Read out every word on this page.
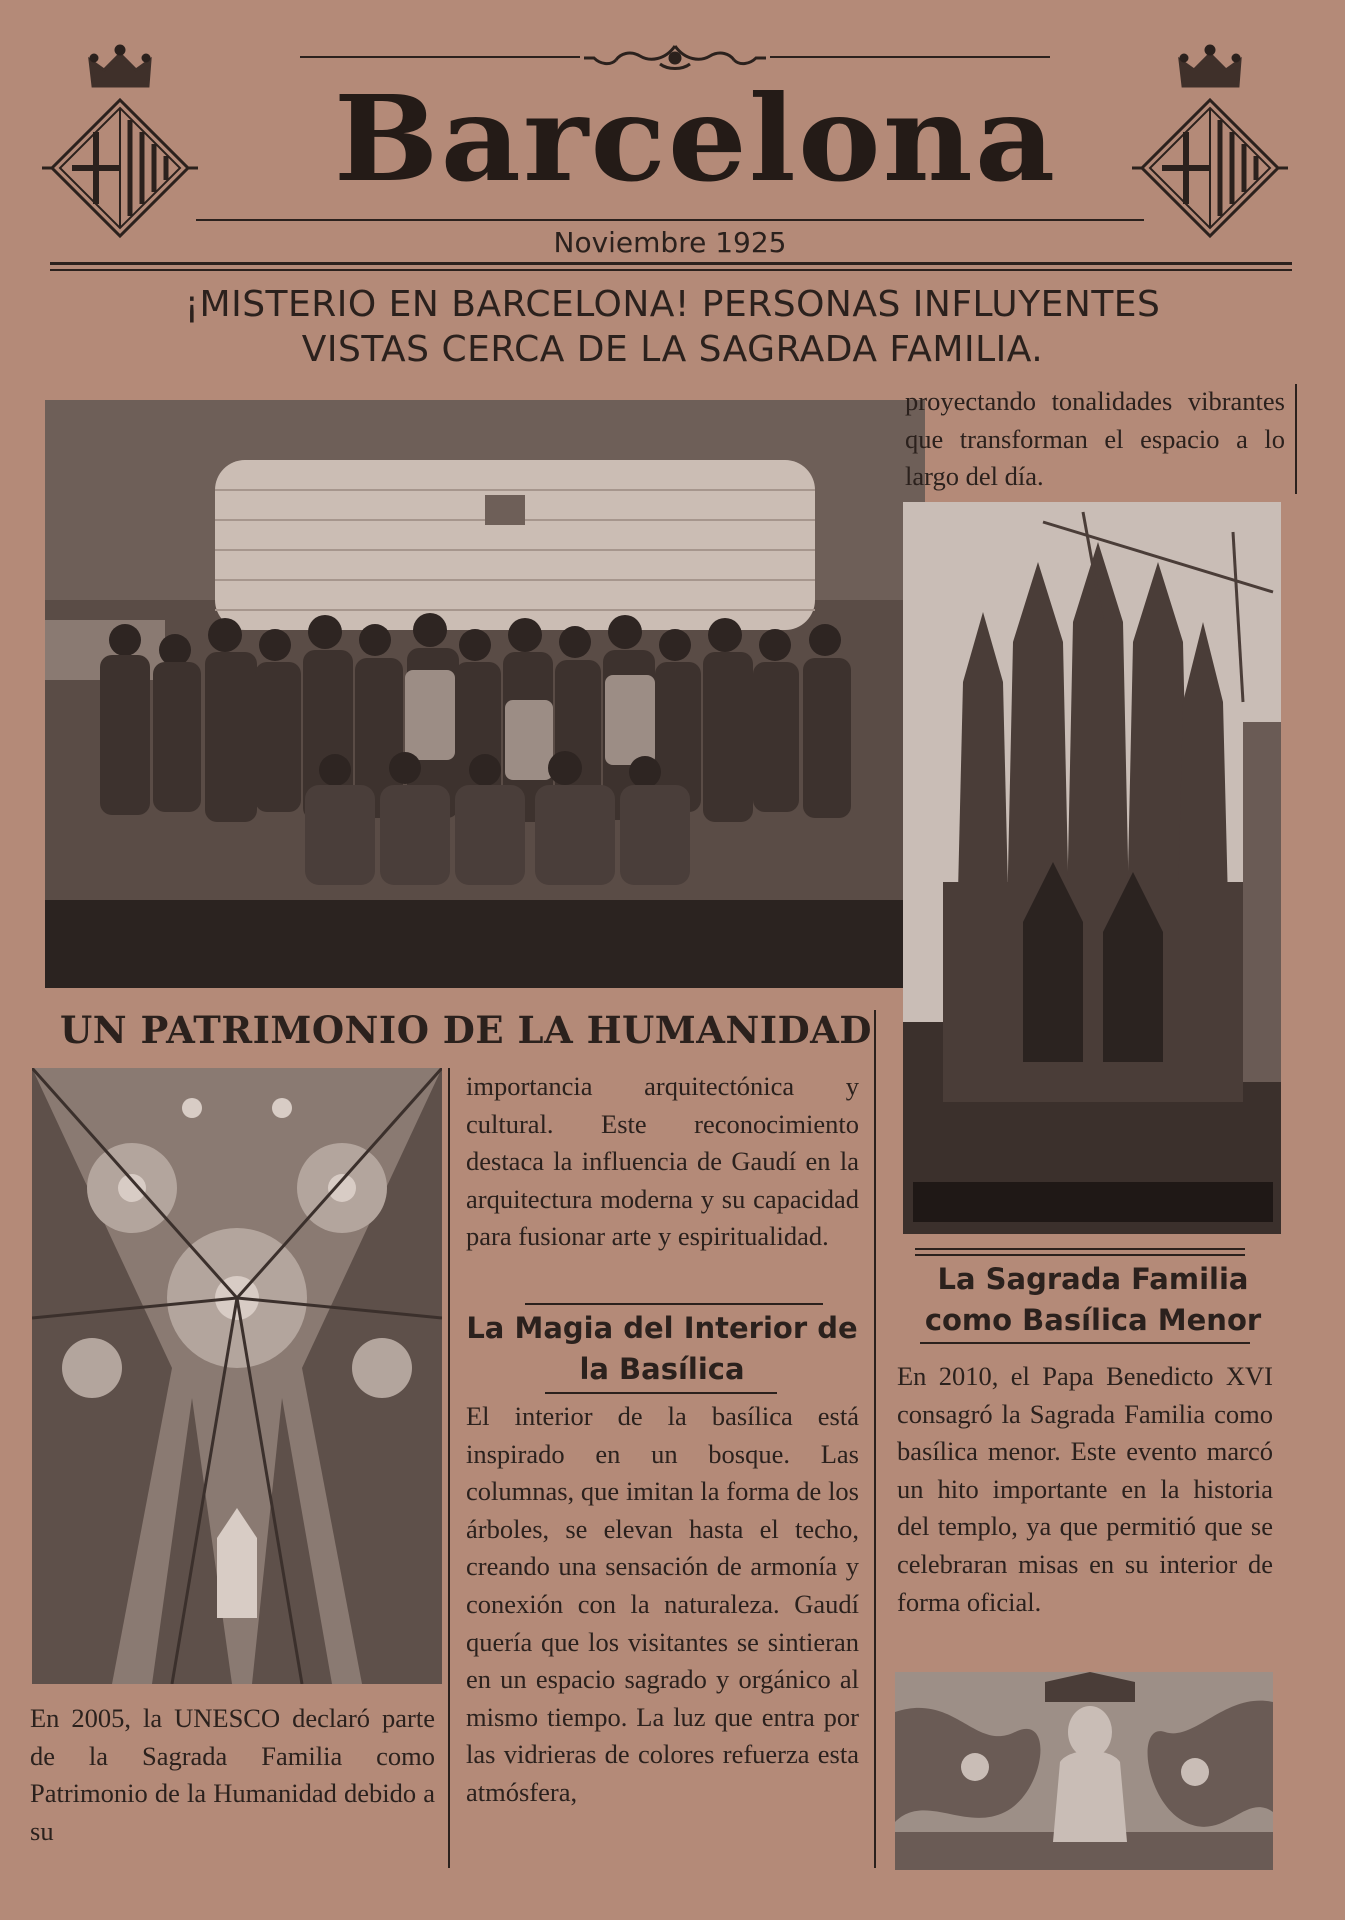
Barcelona
Noviembre 1925
¡MISTERIO EN BARCELONA! PERSONAS INFLUYENTES
VISTAS CERCA DE LA SAGRADA FAMILIA.
proyectando tonalidades vibrantes que transforman el espacio a lo largo del día.
UN PATRIMONIO DE LA HUMANIDAD
En 2005, la UNESCO declaró parte de la Sagrada Familia como Patrimonio de la Humanidad debido a su
importancia arquitectónica y cultural. Este reconocimiento destaca la influencia de Gaudí en la arquitectura moderna y su capacidad para fusionar arte y espiritualidad.
La Magia del Interior de la Basílica
El interior de la basílica está inspirado en un bosque. Las columnas, que imitan la forma de los árboles, se elevan hasta el techo, creando una sensación de armonía y conexión con la naturaleza. Gaudí quería que los visitantes se sintieran en un espacio sagrado y orgánico al mismo tiempo. La luz que entra por las vidrieras de colores refuerza esta atmósfera,
La Sagrada Familia como Basílica Menor
En 2010, el Papa Benedicto XVI consagró la Sagrada Familia como basílica menor. Este evento marcó un hito importante en la historia del templo, ya que permitió que se celebraran misas en su interior de forma oficial.
